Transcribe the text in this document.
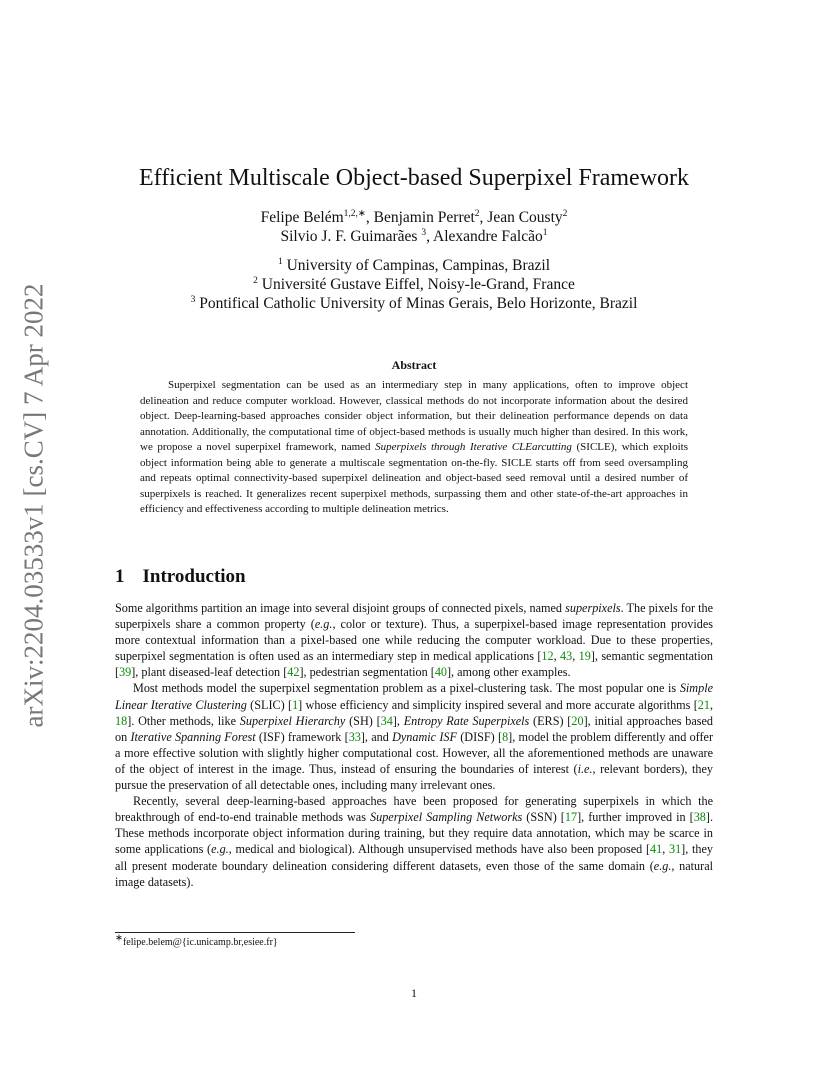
arXiv:2204.03533v1 [cs.CV] 7 Apr 2022
Efficient Multiscale Object-based Superpixel Framework
Felipe Belém$^{1,2,∗}$, Benjamin Perret$^2$, Jean Cousty$^2$
Silvio J. F. Guimarães $^3$, Alexandre Falcão$^1$
$^1$ University of Campinas, Campinas, Brazil
$^2$ Université Gustave Eiffel, Noisy-le-Grand, France
$^3$ Pontifical Catholic University of Minas Gerais, Belo Horizonte, Brazil
Abstract

Superpixel segmentation can be used as an intermediary step in many applications, often to improve object delineation and reduce computer workload. However, classical methods do not incorporate information about the desired object. Deep-learning-based approaches consider object information, but their delineation performance depends on data annotation. Additionally, the computational time of object-based methods is usually much higher than desired. In this work, we propose a novel superpixel framework, named Superpixels through Iterative CLEarcutting (SICLE), which exploits object information being able to generate a multiscale segmentation on-the-fly. SICLE starts off from seed oversampling and repeats optimal connectivity-based superpixel delineation and object-based seed removal until a desired number of superpixels is reached. It generalizes recent superpixel methods, surpassing them and other state-of-the-art approaches in efficiency and effectiveness according to multiple delineation metrics.

1 Introduction

Some algorithms partition an image into several disjoint groups of connected pixels, named superpixels. The pixels for the superpixels share a common property (e.g., color or texture). Thus, a superpixel-based image representation provides more contextual information than a pixel-based one while reducing the computer workload. Due to these properties, superpixel segmentation is often used as an intermediary step in medical applications [12, 43, 19], semantic segmentation [39], plant diseased-leaf detection [42], pedestrian segmentation [40], among other examples.

Most methods model the superpixel segmentation problem as a pixel-clustering task. The most popular one is Simple Linear Iterative Clustering (SLIC) [1] whose efficiency and simplicity inspired several and more accurate algorithms [21, 18]. Other methods, like Superpixel Hierarchy (SH) [34], Entropy Rate Superpixels (ERS) [20], initial approaches based on Iterative Spanning Forest (ISF) framework [33], and Dynamic ISF (DISF) [8], model the problem differently and offer a more effective solution with slightly higher computational cost. However, all the aforementioned methods are unaware of the object of interest in the image. Thus, instead of ensuring the boundaries of interest (i.e., relevant borders), they pursue the preservation of all detectable ones, including many irrelevant ones.

Recently, several deep-learning-based approaches have been proposed for generating superpixels in which the breakthrough of end-to-end trainable methods was Superpixel Sampling Networks (SSN) [17], further improved in [38]. These methods incorporate object information during training, but they require data annotation, which may be scarce in some applications (e.g., medical and biological). Although unsupervised methods have also been proposed [41, 31], they all present moderate boundary delineation considering different datasets, even those of the same domain (e.g., natural image datasets).

∗felipe.belem@{ic.unicamp.br,esiee.fr}
1
